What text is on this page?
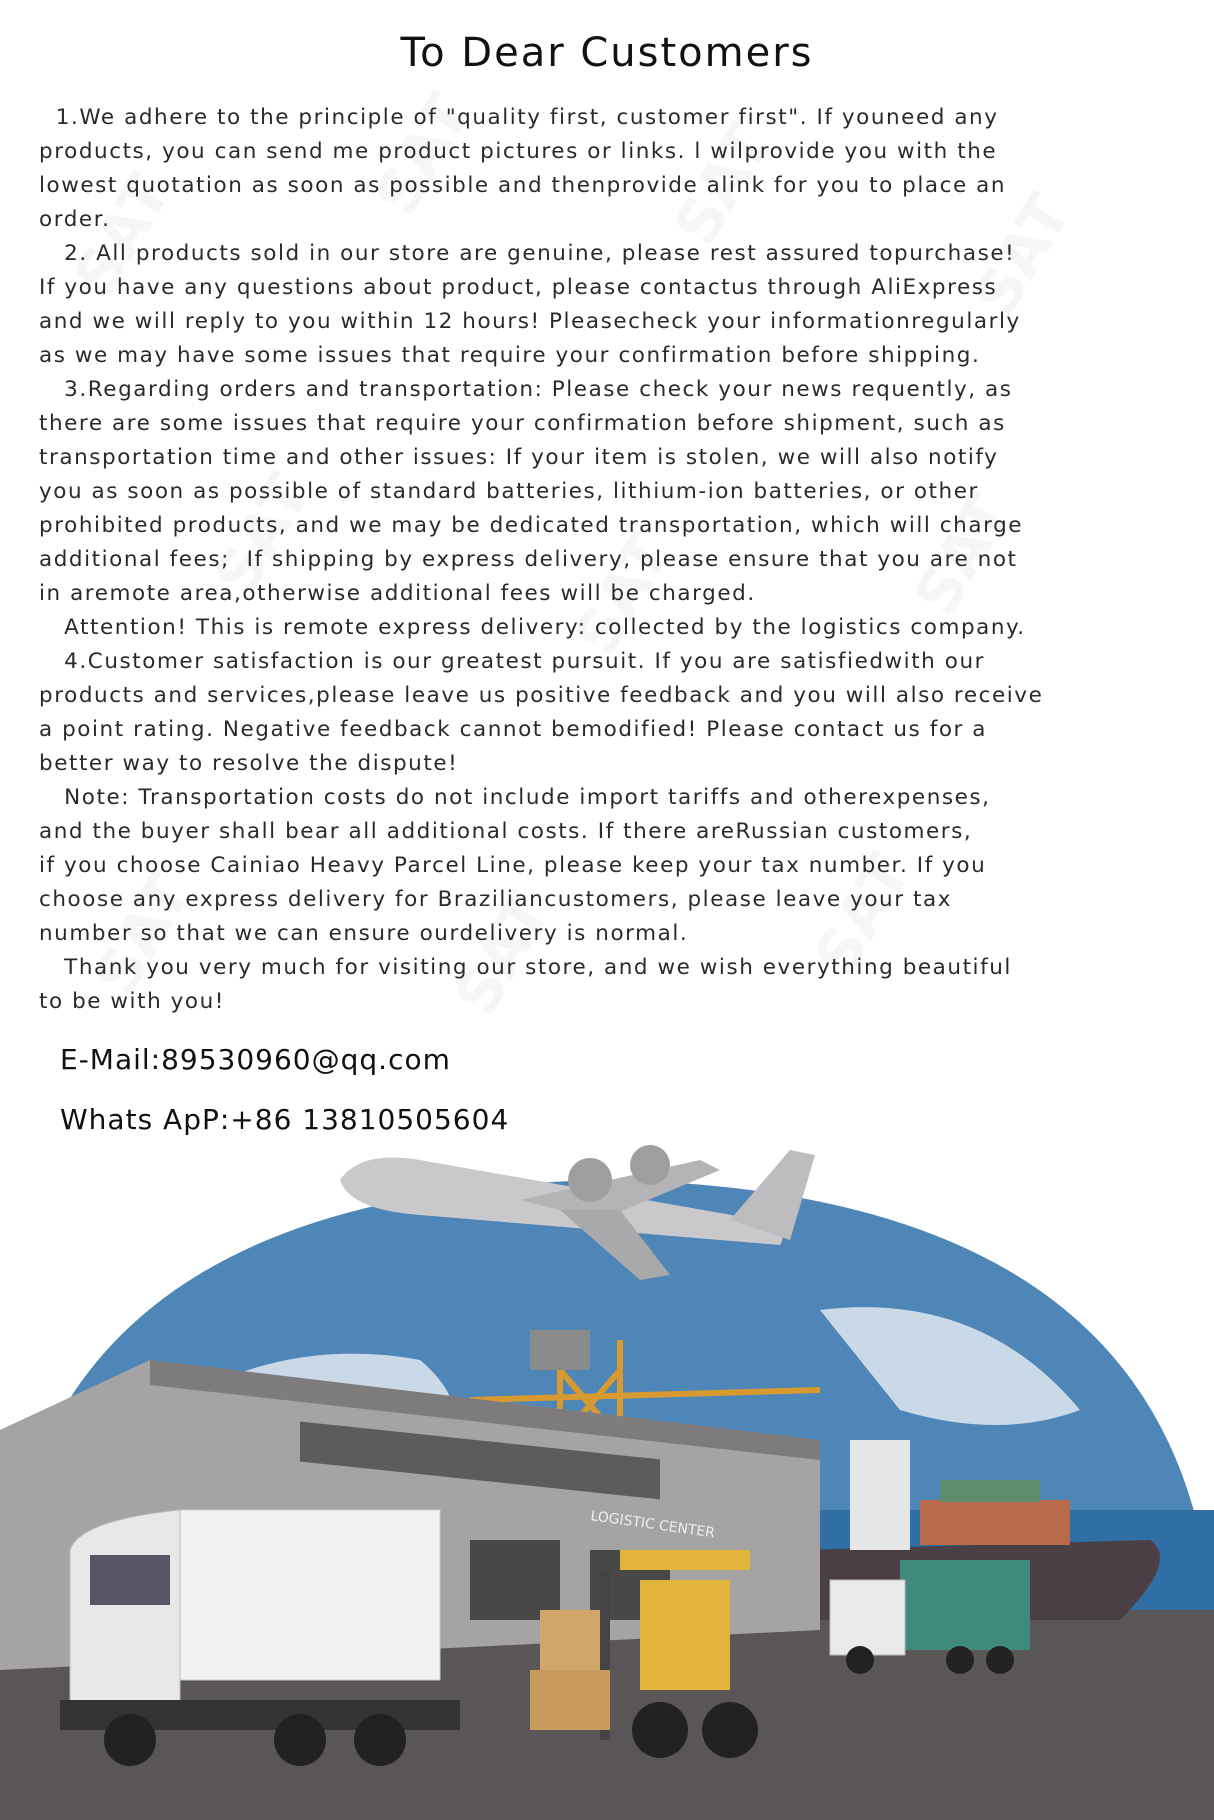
To Dear Customers
1.We adhere to the principle of "quality first, customer first". If youneed any
products, you can send me product pictures or links. l wilprovide you with the
lowest quotation as soon as possible and thenprovide alink for you to place an
order.
2. All products sold in our store are genuine, please rest assured topurchase!
If you have any questions about product, please contactus through AliExpress
and we will reply to you within 12 hours! Pleasecheck your informationregularly
as we may have some issues that require your confirmation before shipping.
3.Regarding orders and transportation: Please check your news requently, as
there are some issues that require your confirmation before shipment, such as
transportation time and other issues: If your item is stolen, we will also notify
you as soon as possible of standard batteries, lithium-ion batteries, or other
prohibited products, and we may be dedicated transportation, which will charge
additional fees;  If shipping by express delivery, please ensure that you are not
in aremote area,otherwise additional fees will be charged.
Attention! This is remote express delivery: collected by the logistics company.
4.Customer satisfaction is our greatest pursuit. If you are satisfiedwith our
products and services,please leave us positive feedback and you will also receive
a point rating. Negative feedback cannot bemodified! Please contact us for a
better way to resolve the dispute!
Note: Transportation costs do not include import tariffs and otherexpenses,
and the buyer shall bear all additional costs. If there areRussian customers,
if you choose Cainiao Heavy Parcel Line, please keep your tax number. If you
choose any express delivery for Braziliancustomers, please leave your tax
number so that we can ensure ourdelivery is normal.
Thank you very much for visiting our store, and we wish everything beautiful
to be with you!
E-Mail:89530960@qq.com
Whats ApP:+86 13810505604
LOGISTIC CENTER
